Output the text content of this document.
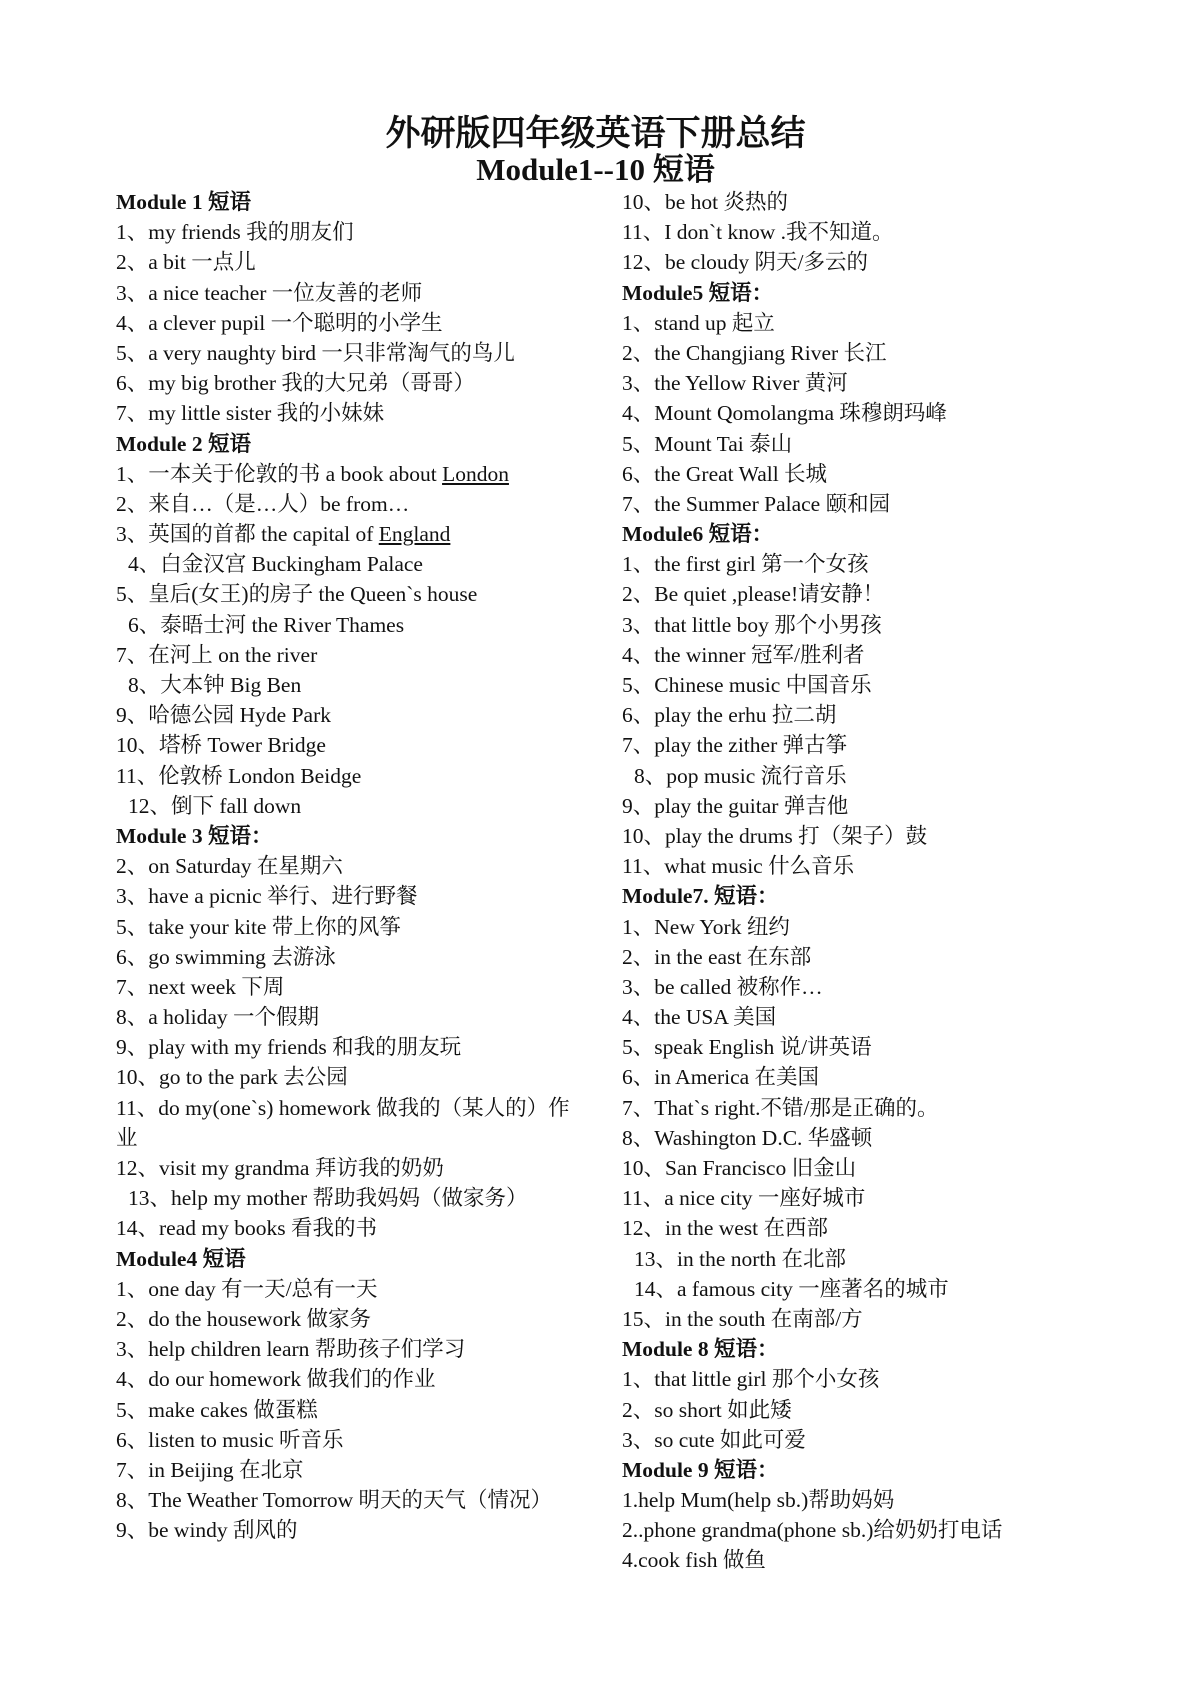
外研版四年级英语下册总结
Module1--10 短语
Module 1 短语
1、my friends 我的朋友们
2、a bit 一点儿
3、a nice teacher 一位友善的老师
4、a clever pupil 一个聪明的小学生
5、a very naughty bird 一只非常淘气的鸟儿
6、my big brother 我的大兄弟（哥哥）
7、my little sister 我的小妹妹
Module 2 短语
1、一本关于伦敦的书 a book about London
2、来自…（是…人）be from…
3、英国的首都 the capital of England
4、白金汉宫 Buckingham Palace
5、皇后(女王)的房子 the Queen`s house
6、泰晤士河 the River Thames
7、在河上 on the river
8、大本钟 Big Ben
9、哈德公园 Hyde Park
10、塔桥 Tower Bridge
11、伦敦桥 London Beidge
12、倒下 fall down
Module 3 短语：
2、on Saturday 在星期六
3、have a picnic 举行、进行野餐
5、take your kite 带上你的风筝
6、go swimming 去游泳
7、next week 下周
8、a holiday 一个假期
9、play with my friends 和我的朋友玩
10、go to the park 去公园
11、do my(one`s) homework 做我的（某人的）作业
12、visit my grandma 拜访我的奶奶
13、help my mother 帮助我妈妈（做家务）
14、read my books 看我的书
Module4 短语
1、one day 有一天/总有一天
2、do the housework 做家务
3、help children learn 帮助孩子们学习
4、do our homework 做我们的作业
5、make cakes 做蛋糕
6、listen to music 听音乐
7、in Beijing 在北京
8、The Weather Tomorrow 明天的天气（情况）
9、be windy 刮风的
10、be hot 炎热的
11、I don`t know .我不知道。
12、be cloudy 阴天/多云的
Module5 短语：
1、stand up 起立
2、the Changjiang River 长江
3、the Yellow River 黄河
4、Mount Qomolangma 珠穆朗玛峰
5、Mount Tai 泰山
6、the Great Wall 长城
7、the Summer Palace 颐和园
Module6 短语：
1、the first girl 第一个女孩
2、Be quiet ,please!请安静！
3、that little boy 那个小男孩
4、the winner 冠军/胜利者
5、Chinese music 中国音乐
6、play the erhu 拉二胡
7、play the zither 弹古筝
8、pop music 流行音乐
9、play the guitar 弹吉他
10、play the drums 打（架子）鼓
11、what music 什么音乐
Module7. 短语：
1、New York 纽约
2、in the east 在东部
3、be called 被称作…
4、the USA 美国
5、speak English 说/讲英语
6、in America 在美国
7、That`s right.不错/那是正确的。
8、Washington D.C. 华盛顿
10、San Francisco 旧金山
11、a nice city 一座好城市
12、in the west 在西部
13、in the north 在北部
14、a famous city 一座著名的城市
15、in the south 在南部/方
Module 8 短语：
1、that little girl 那个小女孩
2、so short 如此矮
3、so cute 如此可爱
Module 9 短语：
1.help Mum(help sb.)帮助妈妈
2..phone grandma(phone sb.)给奶奶打电话
4.cook fish 做鱼
